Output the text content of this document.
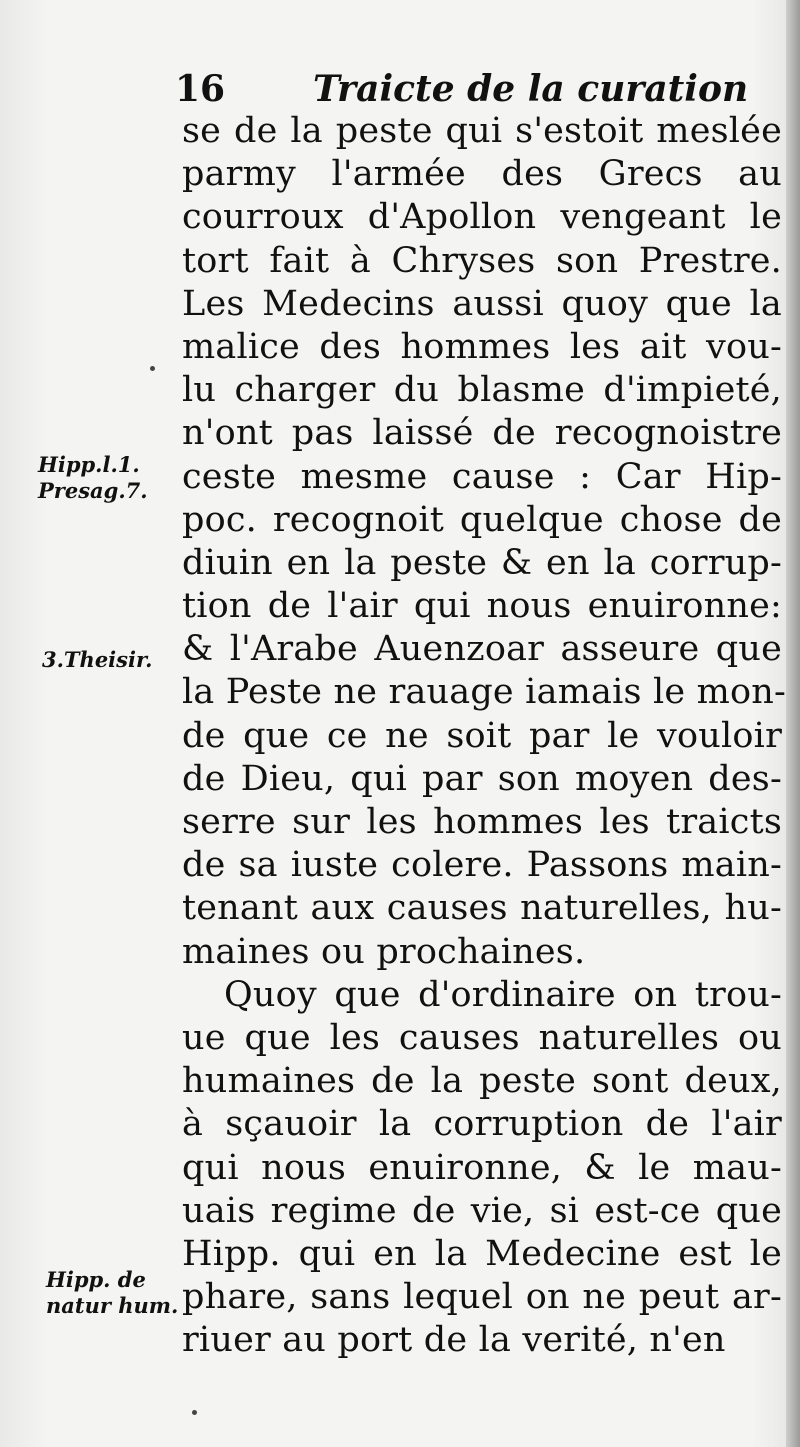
16 Traicte de la curation
se de la peste qui s'estoit meslée
parmy l'armée des Grecs au
courroux d'Apollon vengeant le
tort fait à Chryses son Prestre.
Les Medecins aussi quoy que la
malice des hommes les ait vou-
lu charger du blasme d'impieté,
n'ont pas laissé de recognoistre
ceste mesme cause : Car Hip-
poc. recognoit quelque chose de
diuin en la peste & en la corrup-
tion de l'air qui nous enuironne:
& l'Arabe Auenzoar asseure que
la Peste ne rauage iamais le mon-
de que ce ne soit par le vouloir
de Dieu, qui par son moyen des-
serre sur les hommes les traicts
de sa iuste colere. Passons main-
tenant aux causes naturelles, hu-
maines ou prochaines.
Quoy que d'ordinaire on trou-
ue que les causes naturelles ou
humaines de la peste sont deux,
à sçauoir la corruption de l'air
qui nous enuironne, & le mau-
uais regime de vie, si est-ce que
Hipp. qui en la Medecine est le
phare, sans lequel on ne peut ar-
riuer au port de la verité, n'en
Hipp.l.1.
Presag.7.
3.Theisir.
Hipp. de
natur hum.
